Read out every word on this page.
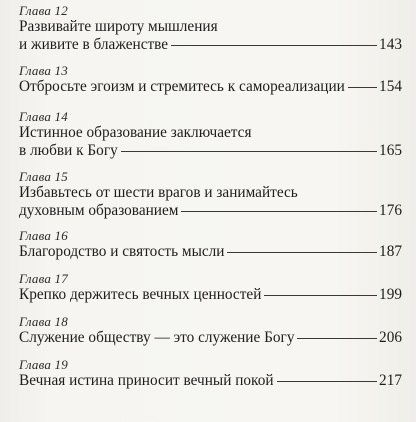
Глава 12
Развивайте широту мышления
и живите в блаженстве	143
Глава 13
Отбросьте эгоизм и стремитесь к самореализации 154
Глава 14
Истинное образование заключается
в любви к Богу	165
Глава 15
Избавьтесь от шести врагов и занимайтесь
духовным образованием	176
Глава 16
Благородство и святость мысли	187
Глава 17
Крепко держитесь вечных ценностей	199
Глава 18
Служение обществу — это служение Богу	206
Глава 19
Вечная истина приносит вечный покой	217
